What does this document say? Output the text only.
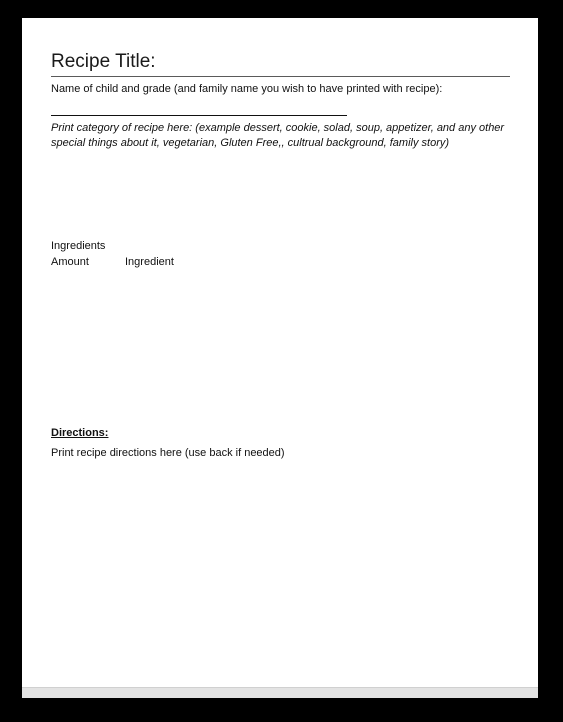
Recipe Title:
Name of child and grade (and family name you wish to have printed with recipe):
Print category of recipe here: (example dessert, cookie, solad, soup, appetizer, and any other special things about it, vegetarian, Gluten Free,, cultrual background, family story)
Ingredients
Amount	Ingredient
Directions:
Print recipe directions here (use back if needed)
